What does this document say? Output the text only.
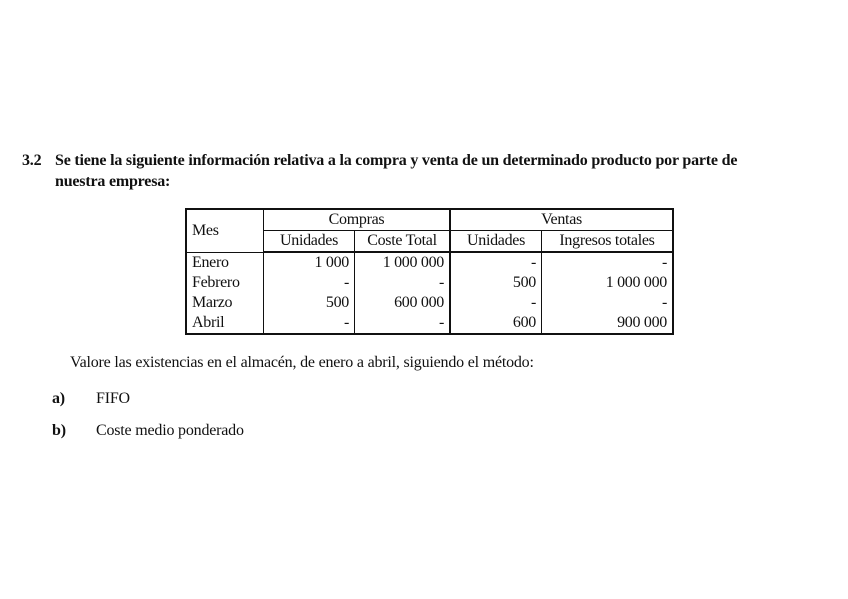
3.2 Se tiene la siguiente información relativa a la compra y venta de un determinado producto por parte de
nuestra empresa:
Mes	Compras		Ventas	
	Unidades	Coste Total	Unidades	Ingresos totales
Enero	1 000	1 000 000	-	-
Febrero	-	-	500	1 000 000
Marzo	500	600 000	-	-
Abril	-	-	600	900 000
Valore las existencias en el almacén, de enero a abril, siguiendo el método:
a) FIFO
b) Coste medio ponderado
